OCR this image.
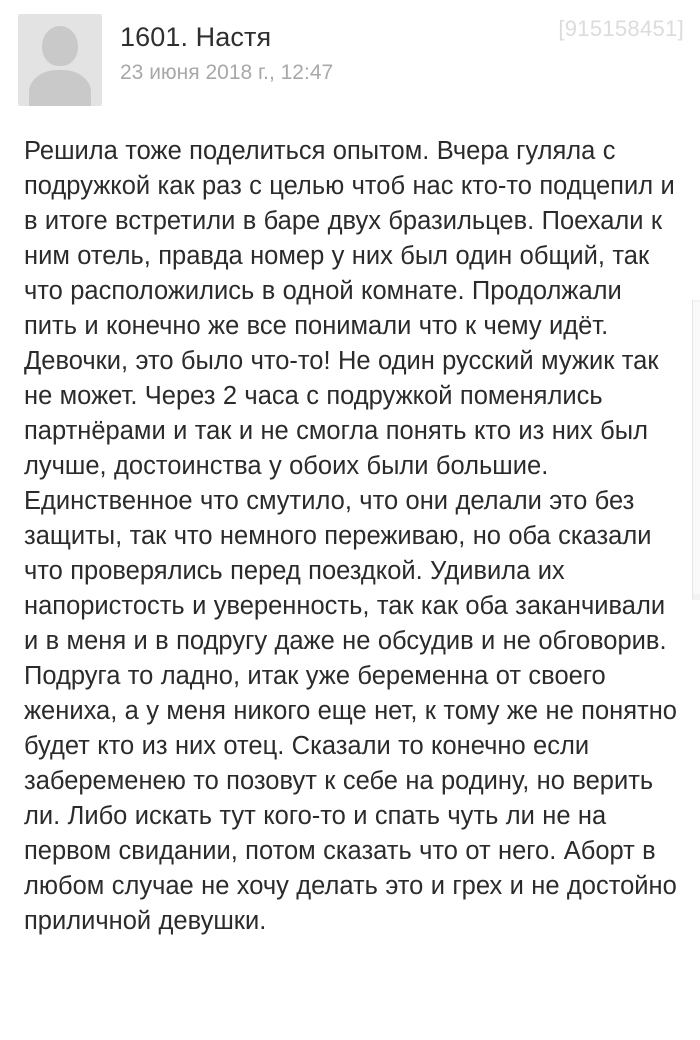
1601. Настя
23 июня 2018 г., 12:47
[915158451]

Решила тоже поделиться опытом. Вчера гуляла с подружкой как раз с целью чтоб нас кто-то подцепил и в итоге встретили в баре двух бразильцев. Поехали к ним отель, правда номер у них был один общий, так что расположились в одной комнате. Продолжали пить и конечно же все понимали что к чему идёт. Девочки, это было что-то! Не один русский мужик так не может. Через 2 часа с подружкой поменялись партнёрами и так и не смогла понять кто из них был лучше, достоинства у обоих были большие. Единственное что смутило, что они делали это без защиты, так что немного переживаю, но оба сказали что проверялись перед поездкой. Удивила их напористость и уверенность, так как оба заканчивали и в меня и в подругу даже не обсудив и не обговорив. Подруга то ладно, итак уже беременна от своего жениха, а у меня никого еще нет, к тому же не понятно будет кто из них отец. Сказали то конечно если забеременею то позовут к себе на родину, но верить ли. Либо искать тут кого-то и спать чуть ли не на первом свидании, потом сказать что от него. Аборт в любом случае не хочу делать это и грех и не достойно приличной девушки.
